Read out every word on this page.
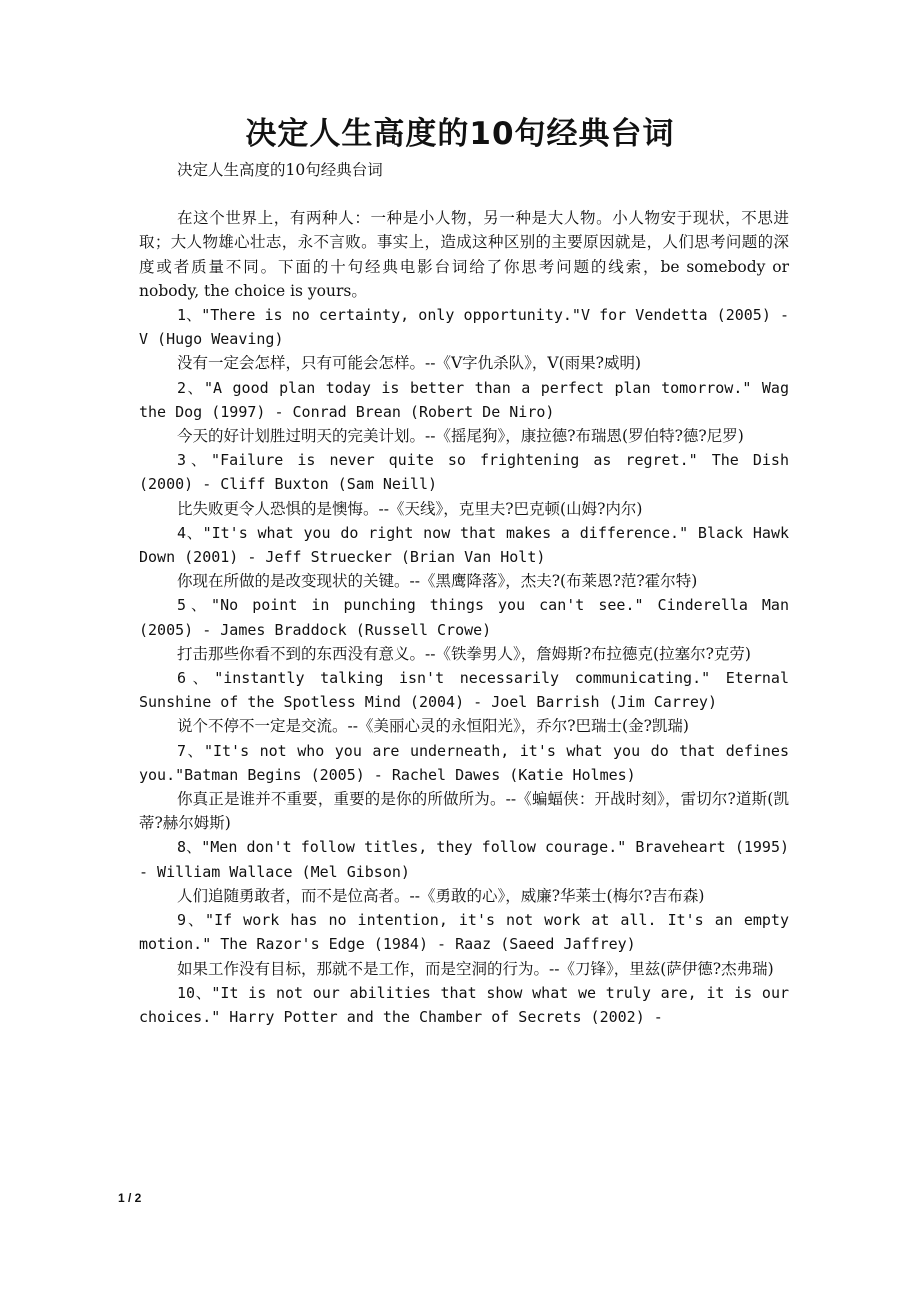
决定人生高度的10句经典台词

决定人生高度的10句经典台词

在这个世界上，有两种人：一种是小人物，另一种是大人物。小人物安于现状，不思进取；大人物雄心壮志，永不言败。事实上，造成这种区别的主要原因就是，人们思考问题的深度或者质量不同。下面的十句经典电影台词给了你思考问题的线索，be somebody or nobody, the choice is yours。

1、"There is no certainty, only opportunity."V for Vendetta (2005) - V (Hugo Weaving)

没有一定会怎样，只有可能会怎样。--《V字仇杀队》，V(雨果?威明)

2、"A good plan today is better than a perfect plan tomorrow." Wag the Dog (1997) - Conrad Brean (Robert De Niro)

今天的好计划胜过明天的完美计划。--《摇尾狗》，康拉德?布瑞恩(罗伯特?德?尼罗)

3、"Failure is never quite so frightening as regret." The Dish (2000) - Cliff Buxton (Sam Neill)

比失败更令人恐惧的是懊悔。--《天线》，克里夫?巴克顿(山姆?内尔)

4、"It's what you do right now that makes a difference." Black Hawk Down (2001) - Jeff Struecker (Brian Van Holt)

你现在所做的是改变现状的关键。--《黑鹰降落》，杰夫?(布莱恩?范?霍尔特)

5、"No point in punching things you can't see." Cinderella Man (2005) - James Braddock (Russell Crowe)

打击那些你看不到的东西没有意义。--《铁拳男人》，詹姆斯?布拉德克(拉塞尔?克劳)

6、"instantly talking isn't necessarily communicating." Eternal Sunshine of the Spotless Mind (2004) - Joel Barrish (Jim Carrey)

说个不停不一定是交流。--《美丽心灵的永恒阳光》，乔尔?巴瑞士(金?凯瑞)

7、"It's not who you are underneath, it's what you do that defines you."Batman Begins (2005) - Rachel Dawes (Katie Holmes)

你真正是谁并不重要，重要的是你的所做所为。--《蝙蝠侠：开战时刻》，雷切尔?道斯(凯蒂?赫尔姆斯)

8、"Men don't follow titles, they follow courage." Braveheart (1995) - William Wallace (Mel Gibson)

人们追随勇敢者，而不是位高者。--《勇敢的心》，威廉?华莱士(梅尔?吉布森)

9、"If work has no intention, it's not work at all. It's an empty motion." The Razor's Edge (1984) - Raaz (Saeed Jaffrey)

如果工作没有目标，那就不是工作，而是空洞的行为。--《刀锋》，里兹(萨伊德?杰弗瑞)

10、"It is not our abilities that show what we truly are, it is our choices." Harry Potter and the Chamber of Secrets (2002) -

1 / 2
